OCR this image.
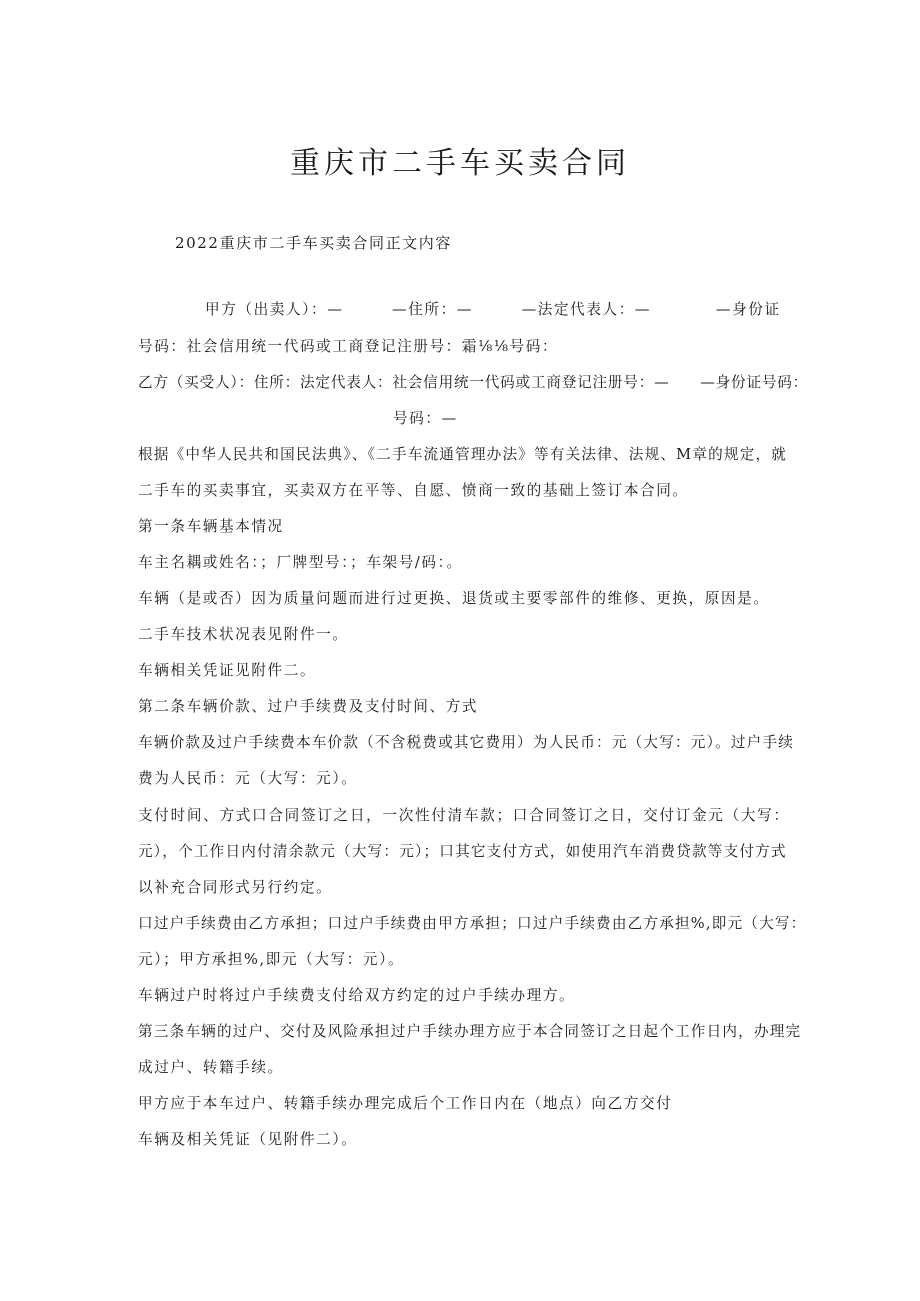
重庆市二手车买卖合同
2022重庆市二手车买卖合同正文内容
甲方（出卖人）：—　　　—住所：—　　　—法定代表人：—　　　　—身份证
号码：社会信用统一代码或工商登记注册号：霜⅛⅛号码：
乙方（买受人）：住所：法定代表人：社会信用统一代码或工商登记注册号：—　　—身份证号码：
号码：—
根据《中华人民共和国民法典》、《二手车流通管理办法》等有关法律、法规、M章的规定，就
二手车的买卖事宜，买卖双方在平等、自愿、愤商一致的基础上签订本合同。
第一条车辆基本情况
车主名耦或姓名：；厂牌型号：；车架号/码：。
车辆（是或否）因为质量问题而进行过更换、退货或主要零部件的维修、更换，原因是。
二手车技术状况表见附件一。
车辆相关凭证见附件二。
第二条车辆价款、过户手续费及支付时间、方式
车辆价款及过户手续费本车价款（不含税费或其它费用）为人民币：元（大写：元）。过户手续
费为人民币：元（大写：元）。
支付时间、方式口合同签订之日，一次性付清车款；口合同签订之日，交付订金元（大写：
元），个工作日内付清余款元（大写：元）；口其它支付方式，如使用汽车消费贷款等支付方式
以补充合同形式另行约定。
口过户手续费由乙方承担；口过户手续费由甲方承担；口过户手续费由乙方承担%,即元（大写：
元）；甲方承担%,即元（大写：元）。
车辆过户时将过户手续费支付给双方约定的过户手续办理方。
第三条车辆的过户、交付及风险承担过户手续办理方应于本合同签订之日起个工作日内，办理完
成过户、转籍手续。
甲方应于本车过户、转籍手续办理完成后个工作日内在（地点）向乙方交付
车辆及相关凭证（见附件二）。
